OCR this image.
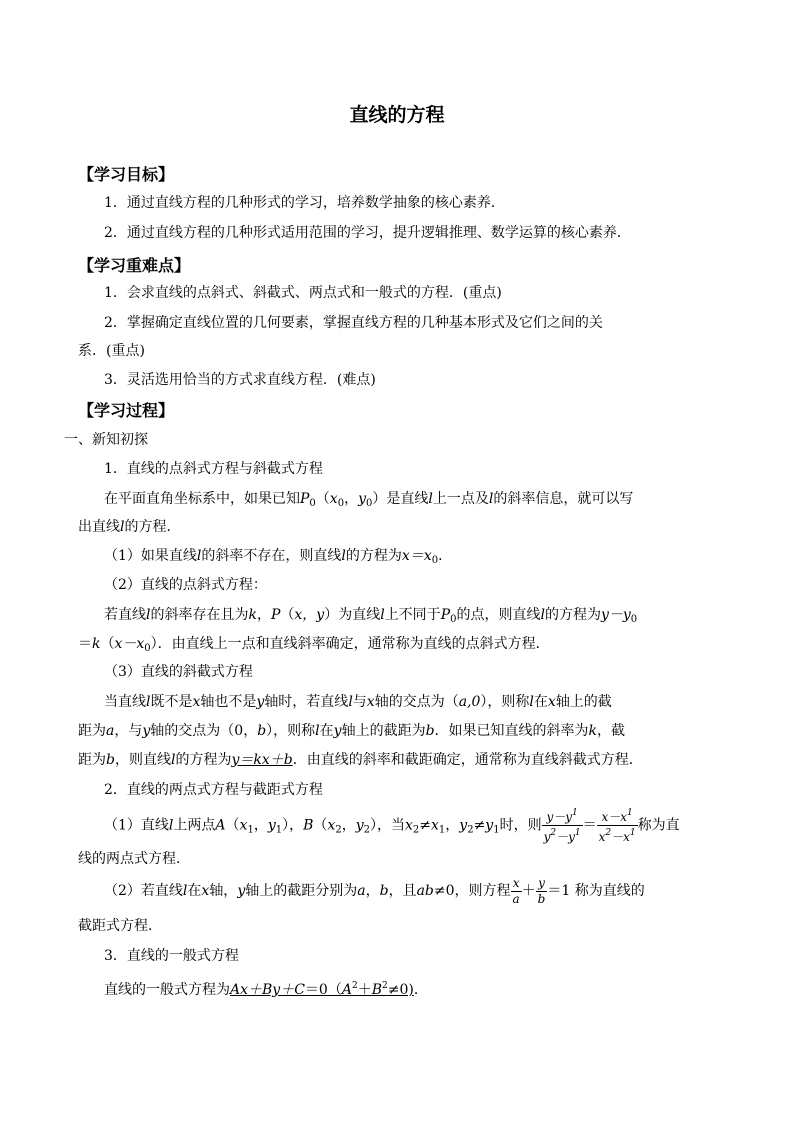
直线的方程
【学习目标】
1．通过直线方程的几种形式的学习，培养数学抽象的核心素养．
2．通过直线方程的几种形式适用范围的学习，提升逻辑推理、数学运算的核心素养．
【学习重难点】
1．会求直线的点斜式、斜截式、两点式和一般式的方程．(重点)
2．掌握确定直线位置的几何要素，掌握直线方程的几种基本形式及它们之间的关
系．(重点)
3．灵活选用恰当的方式求直线方程．(难点)
【学习过程】
一、新知初探
1．直线的点斜式方程与斜截式方程
在平面直角坐标系中，如果已知$P_0(x_0$，$y_0$）是直线l上一点及l的斜率信息，就可以写
出直线l的方程．
（1）如果直线l的斜率不存在，则直线l的方程为$x=x_0$．
（2）直线的点斜式方程：
若直线l的斜率存在且为k，P（x，y）为直线l上不同于$P_0$的点，则直线l的方程为$y-y_0$
$=k(x-x_0)$．由直线上一点和直线斜率确定，通常称为直线的点斜式方程．
（3）直线的斜截式方程
当直线l既不是x轴也不是y轴时，若直线l与x轴的交点为（a,0），则称l在x轴上的截
距为a，与y轴的交点为（0，b），则称l在y轴上的截距为b．如果已知直线的斜率为k，截
距为b，则直线l的方程为y＝kx＋b．由直线的斜率和截距确定，通常称为直线斜截式方程．
2．直线的两点式方程与截距式方程
（1）直线l上两点$A(x_1$，$y_1$），$B(x_2$，$y_2$），当$x_2\ne x_1$，$y_2\ne y_1$时，则 $\frac{y-y^1}{y^2-y^1} = \frac{x-x^1}{x^2-x^1}$ 称为直
线的两点式方程．
（2）若直线l在x轴，y轴上的截距分别为a，b，且ab≠0，则方程 $\frac{x}{a} + \frac{y}{b} =1$ 称为直线的
截距式方程．
3．直线的一般式方程
直线的一般式方程为$Ax+By+C=0(A^2+B^2\ne 0)$．
